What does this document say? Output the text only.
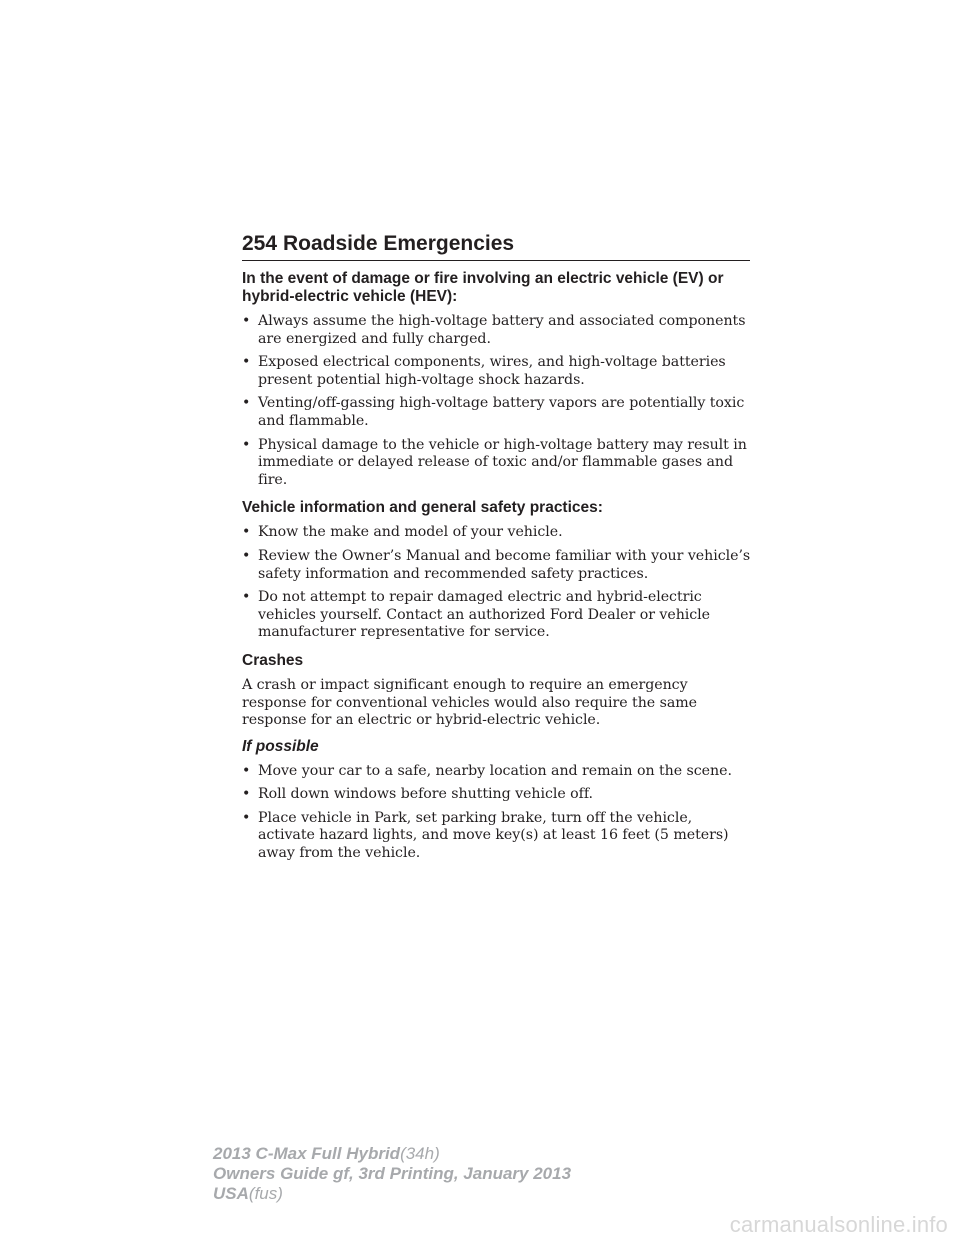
254 Roadside Emergencies
In the event of damage or fire involving an electric vehicle (EV) or hybrid-electric vehicle (HEV):
• Always assume the high-voltage battery and associated components are energized and fully charged.
• Exposed electrical components, wires, and high-voltage batteries present potential high-voltage shock hazards.
• Venting/off-gassing high-voltage battery vapors are potentially toxic and flammable.
• Physical damage to the vehicle or high-voltage battery may result in immediate or delayed release of toxic and/or flammable gases and fire.
Vehicle information and general safety practices:
• Know the make and model of your vehicle.
• Review the Owner’s Manual and become familiar with your vehicle’s safety information and recommended safety practices.
• Do not attempt to repair damaged electric and hybrid-electric vehicles yourself. Contact an authorized Ford Dealer or vehicle manufacturer representative for service.
Crashes

A crash or impact significant enough to require an emergency response for conventional vehicles would also require the same response for an electric or hybrid-electric vehicle.

If possible
• Move your car to a safe, nearby location and remain on the scene.
• Roll down windows before shutting vehicle off.
• Place vehicle in Park, set parking brake, turn off the vehicle, activate hazard lights, and move key(s) at least 16 feet (5 meters) away from the vehicle.
2013 C-Max Full Hybrid(34h)
Owners Guide gf, 3rd Printing, January 2013
USA(fus)
carmanualsonline.info
